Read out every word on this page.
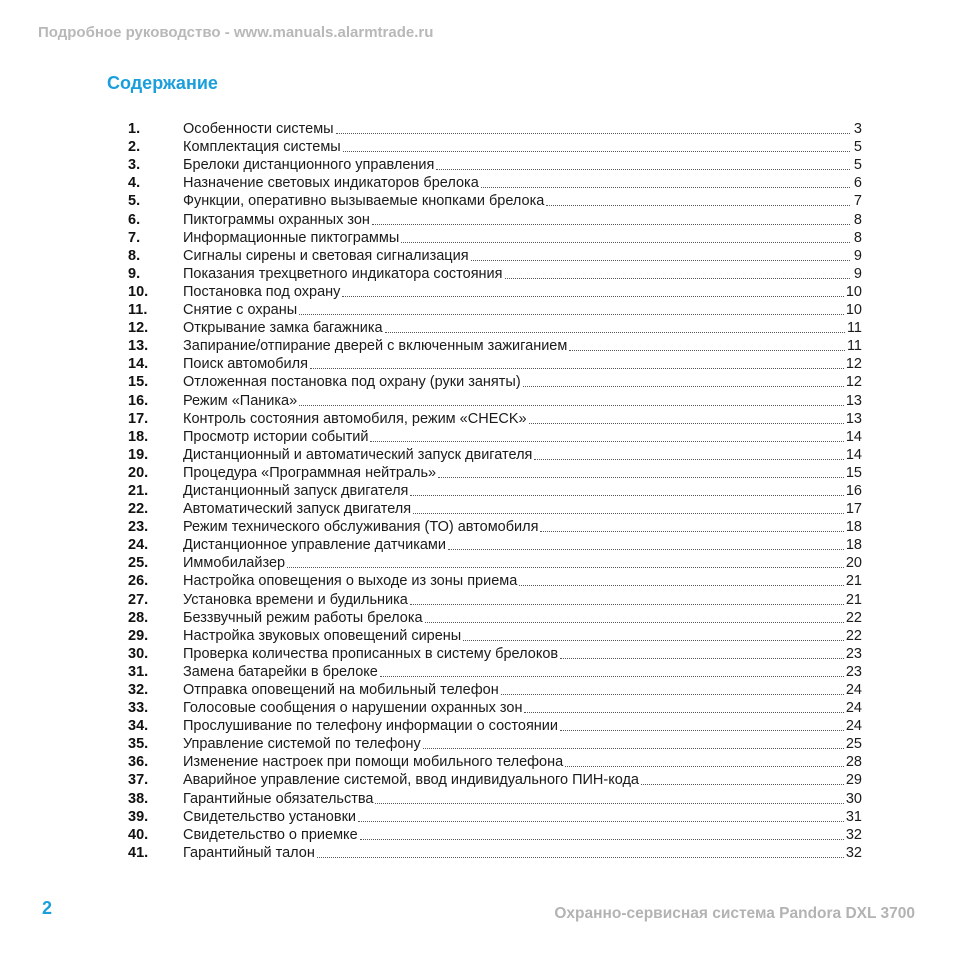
Подробное руководство - www.manuals.alarmtrade.ru
Содержание
1.	Особенности системы	3
2.	Комплектация системы	5
3.	Брелоки дистанционного управления	5
4.	Назначение световых индикаторов брелока	6
5.	Функции, оперативно вызываемые кнопками брелока	7
6.	Пиктограммы охранных зон	8
7.	Информационные пиктограммы	8
8.	Сигналы сирены и световая сигнализация	9
9.	Показания трехцветного индикатора состояния	9
10.	Постановка под охрану	10
11.	Снятие с охраны	10
12.	Открывание замка багажника	11
13.	Запирание/отпирание дверей с включенным зажиганием	11
14.	Поиск автомобиля	12
15.	Отложенная постановка под охрану (руки заняты)	12
16.	Режим «Паника»	13
17.	Контроль состояния автомобиля, режим «CHECK»	13
18.	Просмотр истории событий	14
19.	Дистанционный и автоматический запуск двигателя	14
20.	Процедура «Программная нейтраль»	15
21.	Дистанционный запуск двигателя	16
22.	Автоматический запуск двигателя	17
23.	Режим технического обслуживания (ТО) автомобиля	18
24.	Дистанционное управление датчиками	18
25.	Иммобилайзер	20
26.	Настройка оповещения о выходе из зоны приема	21
27.	Установка времени и будильника	21
28.	Беззвучный режим работы брелока	22
29.	Настройка звуковых оповещений сирены	22
30.	Проверка количества прописанных в систему брелоков	23
31.	Замена батарейки в брелоке	23
32.	Отправка оповещений на мобильный телефон	24
33.	Голосовые сообщения о нарушении охранных зон	24
34.	Прослушивание по телефону информации о состоянии	24
35.	Управление системой по телефону	25
36.	Изменение настроек при помощи мобильного телефона	28
37.	Аварийное управление системой, ввод индивидуального ПИН-кода	29
38.	Гарантийные обязательства	30
39.	Свидетельство установки	31
40.	Свидетельство о приемке	32
41.	Гарантийный талон	32
2	Охранно-сервисная система Pandora DXL 3700
